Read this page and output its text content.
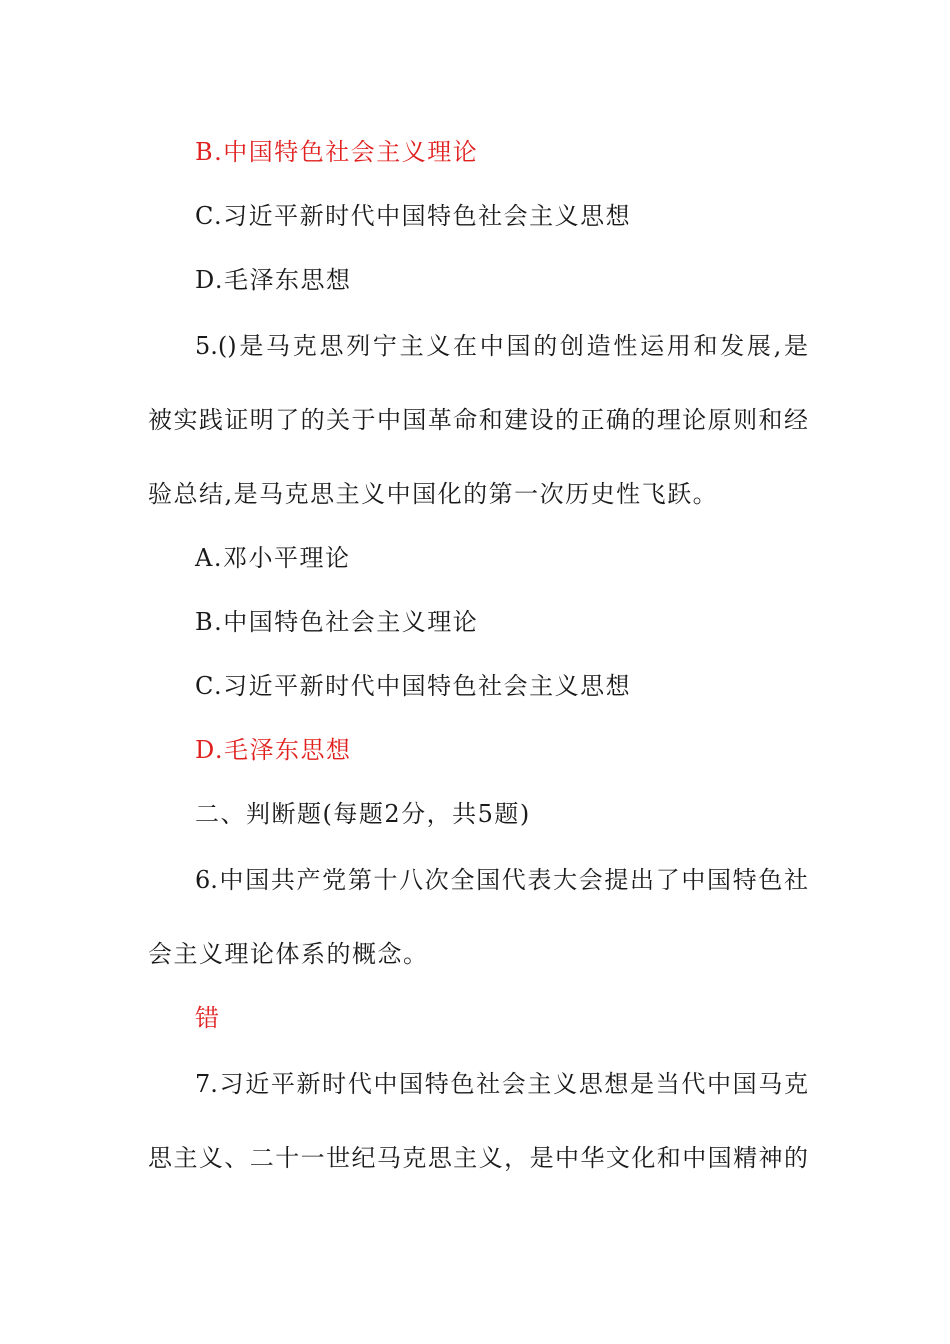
B.中国特色社会主义理论
C.习近平新时代中国特色社会主义思想
D.毛泽东思想
5.()是马克思列宁主义在中国的创造性运用和发展,是
被实践证明了的关于中国革命和建设的正确的理论原则和经
验总结,是马克思主义中国化的第一次历史性飞跃。
A.邓小平理论
B.中国特色社会主义理论
C.习近平新时代中国特色社会主义思想
D.毛泽东思想
二、判断题(每题2分，共5题)
6.中国共产党第十八次全国代表大会提出了中国特色社
会主义理论体系的概念。
错
7.习近平新时代中国特色社会主义思想是当代中国马克
思主义、二十一世纪马克思主义，是中华文化和中国精神的
